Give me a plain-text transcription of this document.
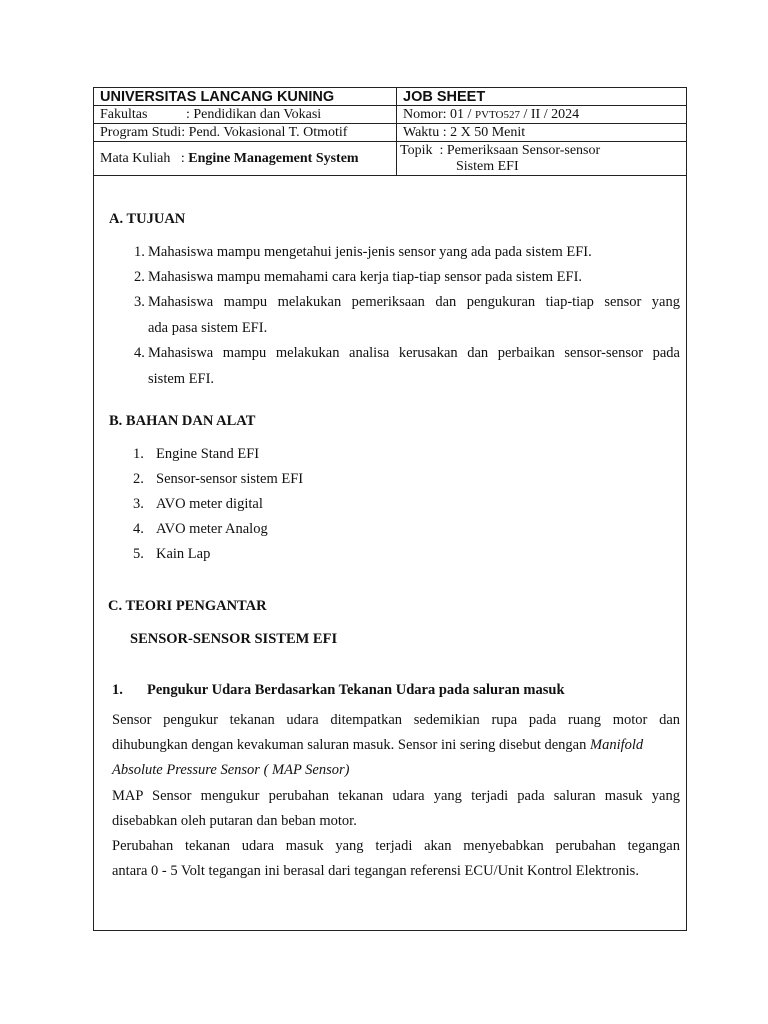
UNIVERSITAS LANCANG KUNING	JOB SHEET
Fakultas : Pendidikan dan Vokasi	Nomor: 01 / PVTO527 / II / 2024
Program Studi: Pend. Vokasional T. Otmotif	Waktu : 2 X 50 Menit
Mata Kuliah   : Engine Management System	Topik  : Pemeriksaan Sensor-sensor
Sistem EFI
A. TUJUAN
1. Mahasiswa mampu mengetahui jenis-jenis sensor yang ada pada sistem EFI.
2. Mahasiswa mampu memahami cara kerja tiap-tiap sensor pada sistem EFI.
3. Mahasiswa mampu melakukan pemeriksaan dan pengukuran tiap-tiap sensor yang
ada pasa sistem EFI.
4. Mahasiswa mampu melakukan analisa kerusakan dan perbaikan sensor-sensor pada
sistem EFI.
B. BAHAN DAN ALAT
1. Engine Stand EFI
2. Sensor-sensor sistem EFI
3. AVO meter digital
4. AVO meter Analog
5. Kain Lap
C. TEORI PENGANTAR
SENSOR-SENSOR SISTEM EFI
1. Pengukur Udara Berdasarkan Tekanan Udara pada saluran masuk
Sensor pengukur tekanan udara ditempatkan sedemikian rupa pada ruang motor dan
dihubungkan dengan kevakuman saluran masuk. Sensor ini sering disebut dengan Manifold
Absolute Pressure Sensor ( MAP Sensor)
MAP Sensor mengukur perubahan tekanan udara yang terjadi pada saluran masuk yang
disebabkan oleh putaran dan beban motor.
Perubahan tekanan udara masuk yang terjadi akan menyebabkan perubahan tegangan
antara 0 - 5 Volt tegangan ini berasal dari tegangan referensi ECU/Unit Kontrol Elektronis.
